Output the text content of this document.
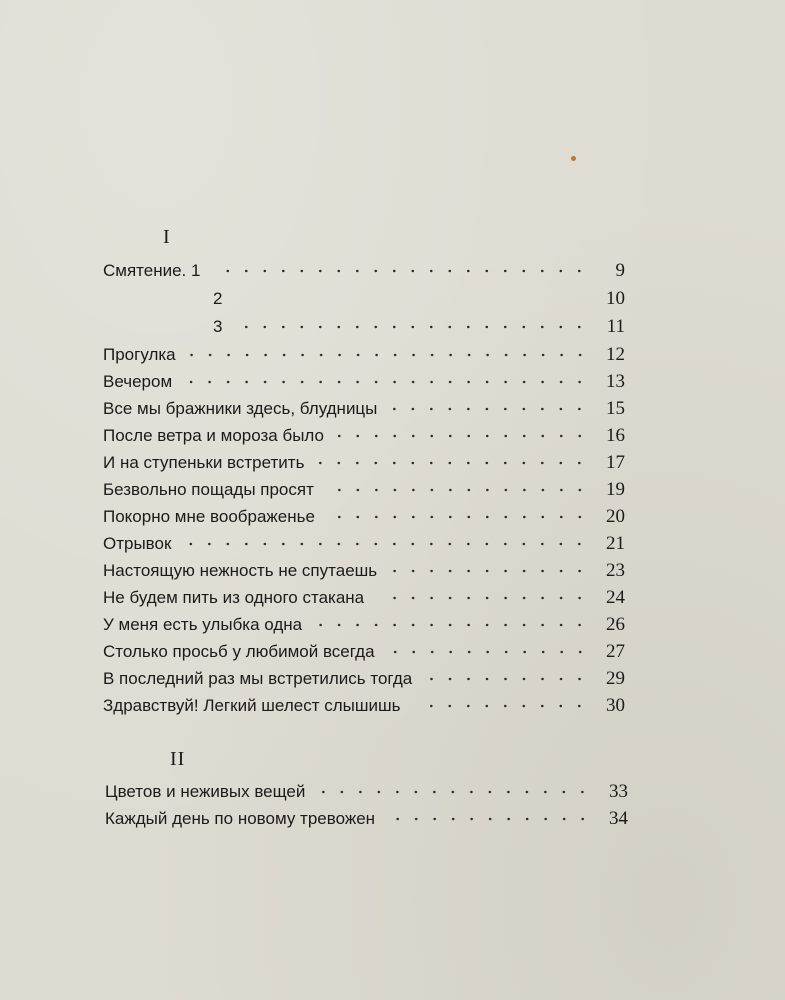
I
Смятение. 1	9
2	10
3	11
Прогулка	12
Вечером	13
Все мы бражники здесь, блудницы	15
После ветра и мороза было	16
И на ступеньки встретить	17
Безвольно пощады просят	19
Покорно мне воображенье	20
Отрывок	21
Настоящую нежность не спутаешь	23
Не будем пить из одного стакана	24
У меня есть улыбка одна	26
Столько просьб у любимой всегда	27
В последний раз мы встретились тогда	29
Здравствуй! Легкий шелест слышишь	30
II
Цветов и неживых вещей	33
Каждый день по новому тревожен	34
